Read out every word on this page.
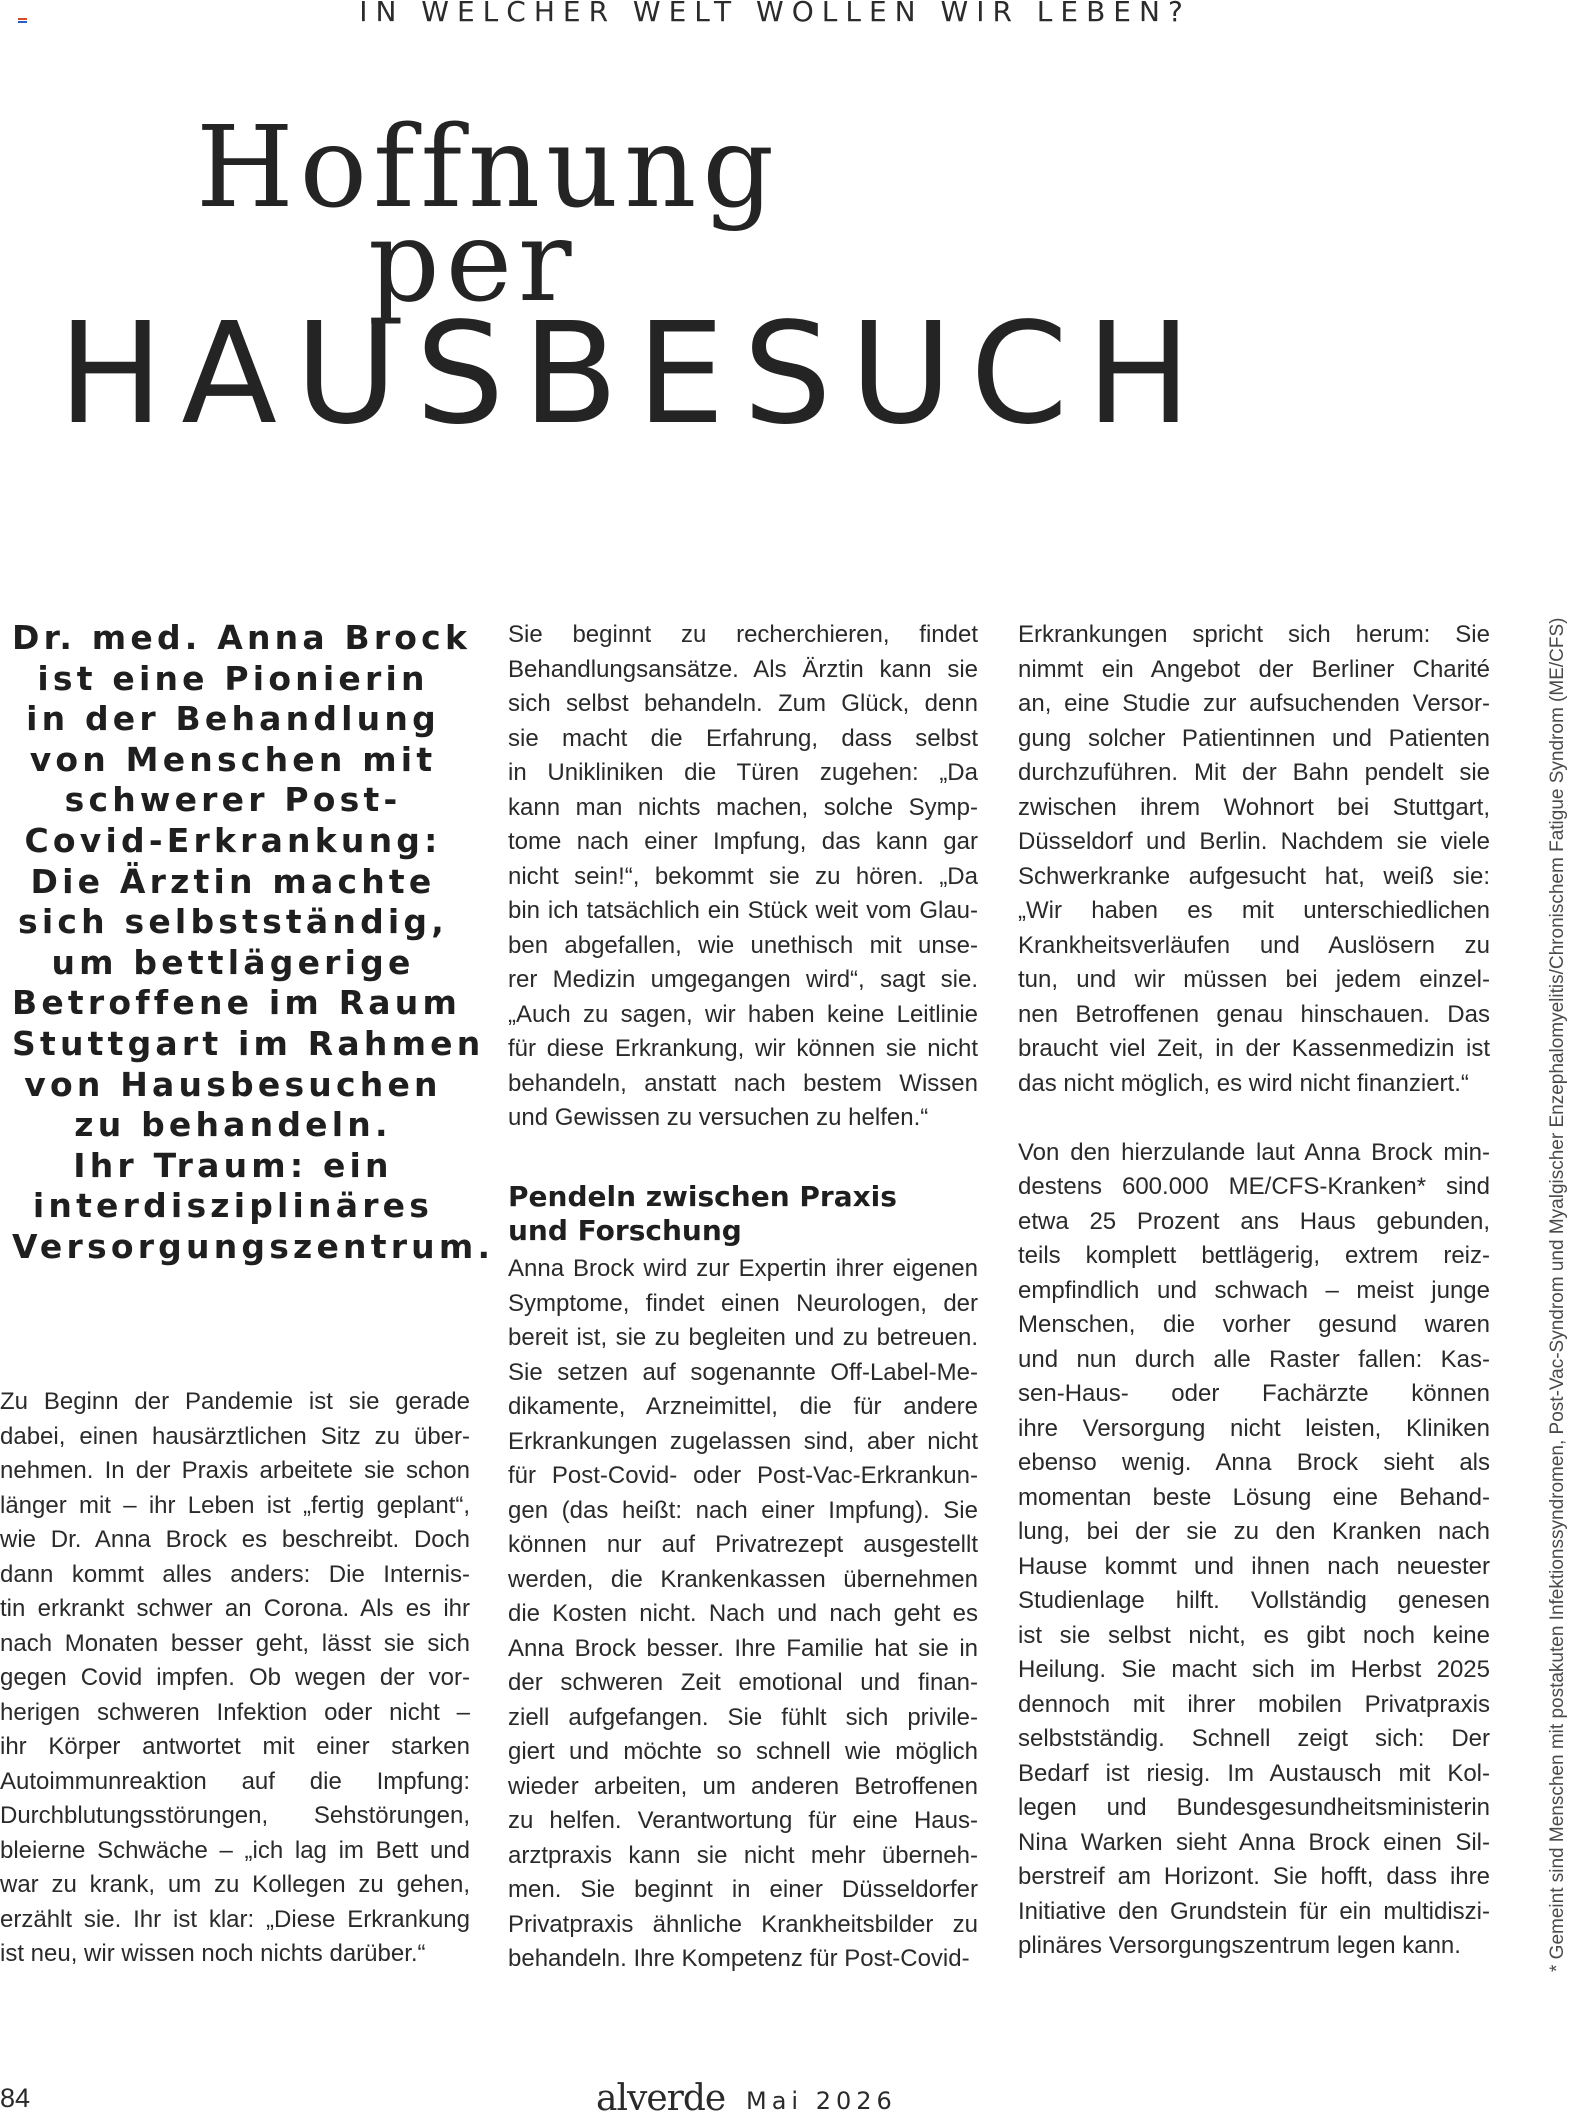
IN WELCHER WELT WOLLEN WIR LEBEN?
Hoffnung
per
HAUSBESUCH
Dr. med. Anna Brock
ist eine Pionierin
in der Behandlung
von Menschen mit
schwerer Post-
Covid-Erkrankung:
Die Ärztin machte
sich selbstständig,
um bettlägerige
Betroffene im Raum
Stuttgart im Rahmen
von Hausbesuchen
zu behandeln.
Ihr Traum: ein
interdisziplinäres
Versorgungszentrum.
Zu Beginn der Pandemie ist sie gerade
dabei, einen hausärztlichen Sitz zu über-
nehmen. In der Praxis arbeitete sie schon
länger mit – ihr Leben ist „fertig geplant“,
wie Dr. Anna Brock es beschreibt. Doch
dann kommt alles anders: Die Internis-
tin erkrankt schwer an Corona. Als es ihr
nach Monaten besser geht, lässt sie sich
gegen Covid impfen. Ob wegen der vor-
herigen schweren Infektion oder nicht –
ihr Körper antwortet mit einer starken
Autoimmunreaktion auf die Impfung:
Durchblutungsstörungen, Sehstörungen,
bleierne Schwäche – „ich lag im Bett und
war zu krank, um zu Kollegen zu gehen,
erzählt sie. Ihr ist klar: „Diese Erkrankung
ist neu, wir wissen noch nichts darüber.“
Sie beginnt zu recherchieren, findet
Behandlungsansätze. Als Ärztin kann sie
sich selbst behandeln. Zum Glück, denn
sie macht die Erfahrung, dass selbst
in Unikliniken die Türen zugehen: „Da
kann man nichts machen, solche Symp-
tome nach einer Impfung, das kann gar
nicht sein!“, bekommt sie zu hören. „Da
bin ich tatsächlich ein Stück weit vom Glau-
ben abgefallen, wie unethisch mit unse-
rer Medizin umgegangen wird“, sagt sie.
„Auch zu sagen, wir haben keine Leitlinie
für diese Erkrankung, wir können sie nicht
behandeln, anstatt nach bestem Wissen
und Gewissen zu versuchen zu helfen.“
Pendeln zwischen Praxis
und Forschung
Anna Brock wird zur Expertin ihrer eigenen
Symptome, findet einen Neurologen, der
bereit ist, sie zu begleiten und zu betreuen.
Sie setzen auf sogenannte Off-Label-Me-
dikamente, Arzneimittel, die für andere
Erkrankungen zugelassen sind, aber nicht
für Post-Covid- oder Post-Vac-Erkrankun-
gen (das heißt: nach einer Impfung). Sie
können nur auf Privatrezept ausgestellt
werden, die Krankenkassen übernehmen
die Kosten nicht. Nach und nach geht es
Anna Brock besser. Ihre Familie hat sie in
der schweren Zeit emotional und finan-
ziell aufgefangen. Sie fühlt sich privile-
giert und möchte so schnell wie möglich
wieder arbeiten, um anderen Betroffenen
zu helfen. Verantwortung für eine Haus-
arztpraxis kann sie nicht mehr überneh-
men. Sie beginnt in einer Düsseldorfer
Privatpraxis ähnliche Krankheitsbilder zu
behandeln. Ihre Kompetenz für Post-Covid-
Erkrankungen spricht sich herum: Sie
nimmt ein Angebot der Berliner Charité
an, eine Studie zur aufsuchenden Versor-
gung solcher Patientinnen und Patienten
durchzuführen. Mit der Bahn pendelt sie
zwischen ihrem Wohnort bei Stuttgart,
Düsseldorf und Berlin. Nachdem sie viele
Schwerkranke aufgesucht hat, weiß sie:
„Wir haben es mit unterschiedlichen
Krankheitsverläufen und Auslösern zu
tun, und wir müssen bei jedem einzel-
nen Betroffenen genau hinschauen. Das
braucht viel Zeit, in der Kassenmedizin ist
das nicht möglich, es wird nicht finanziert.“
Von den hierzulande laut Anna Brock min-
destens 600.000 ME/CFS-Kranken* sind
etwa 25 Prozent ans Haus gebunden,
teils komplett bettlägerig, extrem reiz-
empfindlich und schwach – meist junge
Menschen, die vorher gesund waren
und nun durch alle Raster fallen: Kas-
sen-Haus- oder Fachärzte können
ihre Versorgung nicht leisten, Kliniken
ebenso wenig. Anna Brock sieht als
momentan beste Lösung eine Behand-
lung, bei der sie zu den Kranken nach
Hause kommt und ihnen nach neuester
Studienlage hilft. Vollständig genesen
ist sie selbst nicht, es gibt noch keine
Heilung. Sie macht sich im Herbst 2025
dennoch mit ihrer mobilen Privatpraxis
selbstständig. Schnell zeigt sich: Der
Bedarf ist riesig. Im Austausch mit Kol-
legen und Bundesgesundheitsministerin
Nina Warken sieht Anna Brock einen Sil-
berstreif am Horizont. Sie hofft, dass ihre
Initiative den Grundstein für ein multidiszi-
plinäres Versorgungszentrum legen kann.	* Gemeint sind Menschen mit postakuten Infektionssyndromen, Post-Vac-Syndrom und Myalgischer Enzephalomyelitis/Chronischem Fatigue Syndrom (ME/CFS)
84	alverde Mai 2026
